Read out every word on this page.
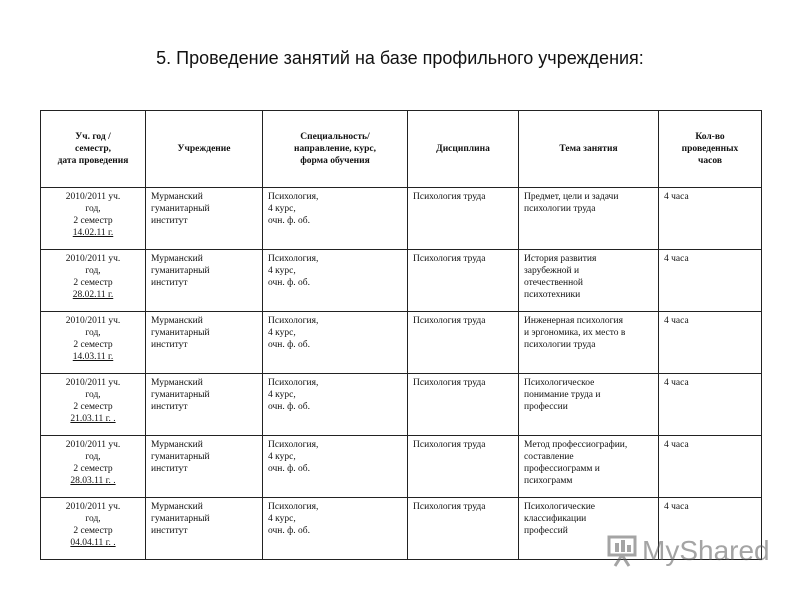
5. Проведение занятий на базе профильного учреждения:
Уч. год /
семестр,
дата проведения	Учреждение	Специальность/
направление, курс,
форма обучения	Дисциплина	Тема занятия	Кол-во
проведенных
часов

2010/2011 уч.
год,
2 семестр
14.02.11 г.	Мурманский
гуманитарный
институт	Психология,
4 курс,
очн. ф. об.	Психология труда	Предмет, цели и задачи
психологии труда	4 часа

2010/2011 уч.
год,
2 семестр
28.02.11 г.	Мурманский
гуманитарный
институт	Психология,
4 курс,
очн. ф. об.	Психология труда	История развития
зарубежной и
отечественной
психотехники	4 часа

2010/2011 уч.
год,
2 семестр
14.03.11 г.	Мурманский
гуманитарный
институт	Психология,
4 курс,
очн. ф. об.	Психология труда	Инженерная психология
и эргономика, их место в
психологии труда	4 часа

2010/2011 уч.
год,
2 семестр
21.03.11 г. .	Мурманский
гуманитарный
институт	Психология,
4 курс,
очн. ф. об.	Психология труда	Психологическое
понимание труда и
профессии	4 часа

2010/2011 уч.
год,
2 семестр
28.03.11 г. .	Мурманский
гуманитарный
институт	Психология,
4 курс,
очн. ф. об.	Психология труда	Метод профессиографии,
составление
профессиограмм и
психограмм	4 часа

2010/2011 уч.
год,
2 семестр
04.04.11 г. .	Мурманский
гуманитарный
институт	Психология,
4 курс,
очн. ф. об.	Психология труда	Психологические
классификации
профессий	4 часа
MyShared
